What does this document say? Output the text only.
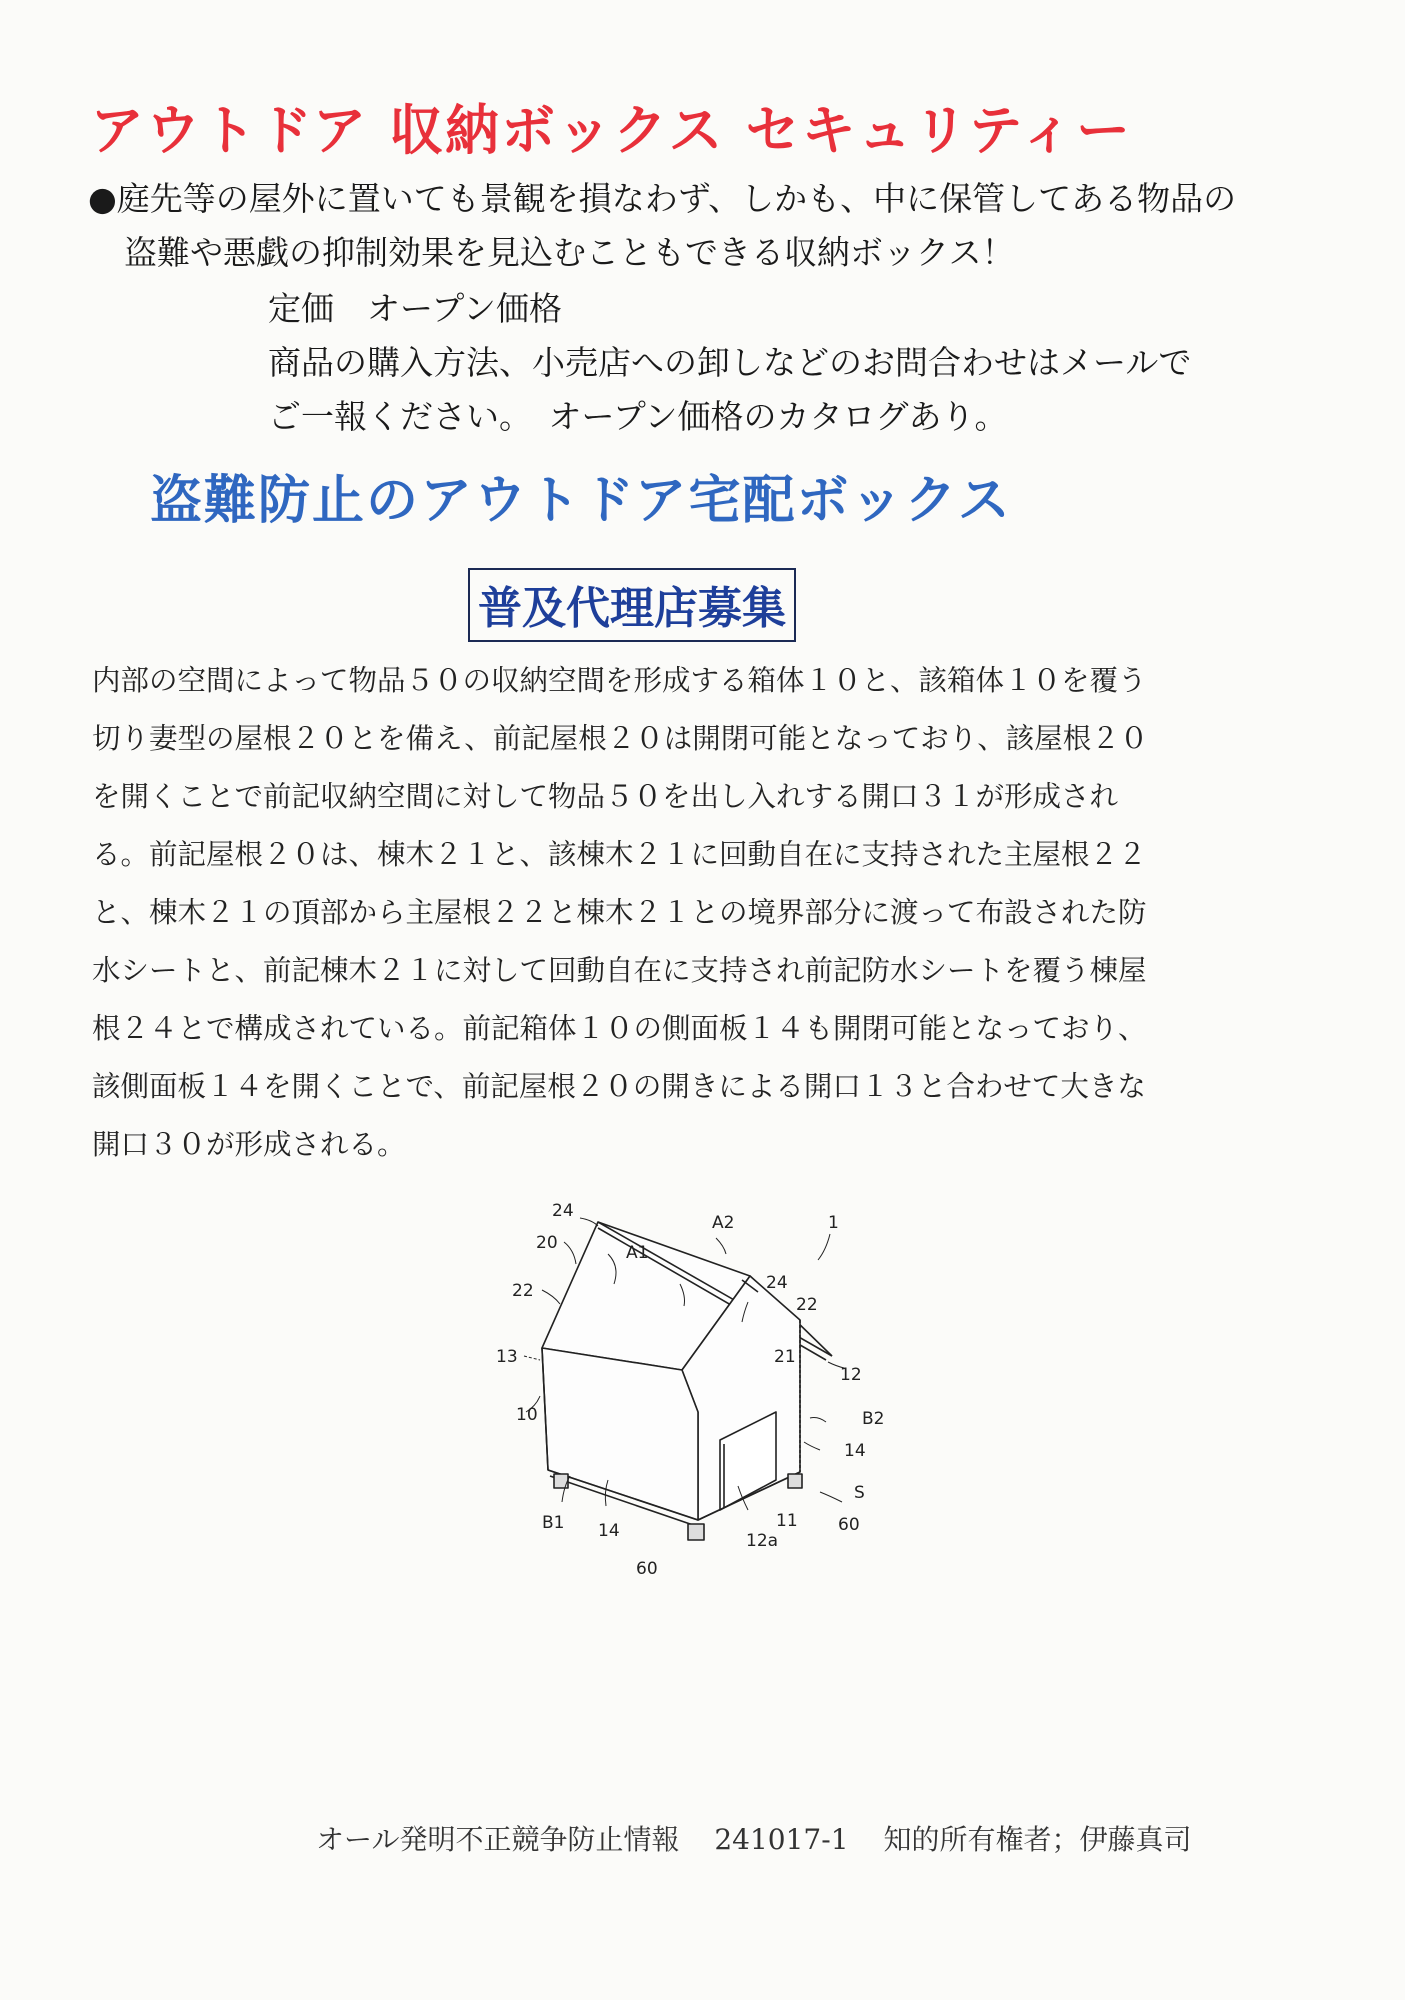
アウトドア 収納ボックス セキュリティー
●庭先等の屋外に置いても景観を損なわず、しかも、中に保管してある物品の
盗難や悪戯の抑制効果を見込むこともできる収納ボックス！
定価　オープン価格
商品の購入方法、小売店への卸しなどのお問合わせはメールで
ご一報ください。　オープン価格のカタログあり。
盗難防止のアウトドア宅配ボックス
普及代理店募集
内部の空間によって物品５０の収納空間を形成する箱体１０と、該箱体１０を覆う
切り妻型の屋根２０とを備え、前記屋根２０は開閉可能となっており、該屋根２０
を開くことで前記収納空間に対して物品５０を出し入れする開口３１が形成され
る。前記屋根２０は、棟木２１と、該棟木２１に回動自在に支持された主屋根２２
と、棟木２１の頂部から主屋根２２と棟木２１との境界部分に渡って布設された防
水シートと、前記棟木２１に対して回動自在に支持され前記防水シートを覆う棟屋
根２４とで構成されている。前記箱体１０の側面板１４も開閉可能となっており、
該側面板１４を開くことで、前記屋根２０の開きによる開口１３と合わせて大きな
開口３０が形成される。
24
A2	1
20	A1
24
22
22
13	21
12
10	B2
14
S
B1 14	11 60
12a
60
オール発明不正競争防止情報 241017-1 知的所有権者；伊藤真司
